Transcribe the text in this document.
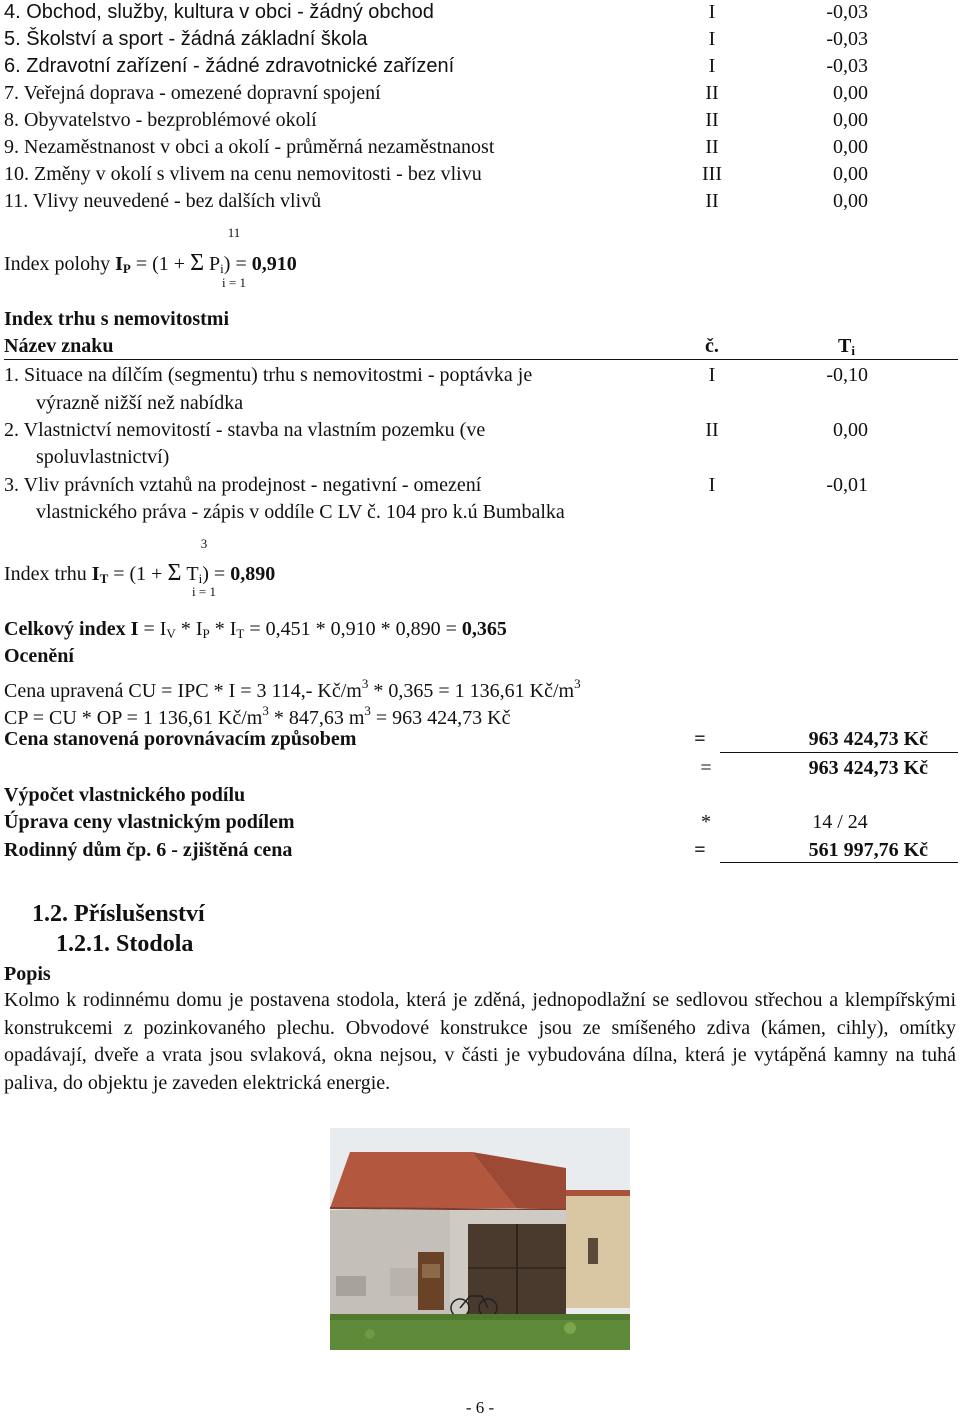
4. Obchod, služby, kultura v obci - žádný obchod	I	-0,03
5. Školství a sport - žádná základní škola	I	-0,03
6. Zdravotní zařízení - žádné zdravotnické zařízení	I	-0,03
7. Veřejná doprava - omezené dopravní spojení	II	0,00
8. Obyvatelstvo - bezproblémové okolí	II	0,00
9. Nezaměstnanost v obci a okolí - průměrná nezaměstnanost	II	0,00
10. Změny v okolí s vlivem na cenu nemovitosti - bez vlivu	III	0,00
11. Vlivy neuvedené - bez dalších vlivů	II	0,00
11
Index polohy $I_P = (1 + \Sigma$ $P_i) = 0,910$
i = 1
Index trhu s nemovitostmi
Název znaku	č.	$T_i$
1. Situace na dílčím (segmentu) trhu s nemovitostmi - poptávka je	I	-0,10
výrazně nižší než nabídka
2. Vlastnictví nemovitostí - stavba na vlastním pozemku (ve	II	0,00
spoluvlastnictví)
3. Vliv právních vztahů na prodejnost - negativní - omezení	I	-0,01
vlastnického práva - zápis v oddíle C LV č. 104 pro k.ú Bumbalka
3
Index trhu $I_T = (1 + \Sigma$ $T_i) = 0,890$
i = 1
Celkový index $I = I_V * I_P * I_T = 0,451 * 0,910 * 0,890 = 0,365$
Ocenění
Cena upravená CU = IPC * I = 3 114,- $Kč/m^3 * 0,365 = 1$ 136,61 $Kč/m^3$
CP = CU * OP = 1 136,61 $Kč/m^3 * 847,63$ $m^3 = 963$ 424,73 Kč
Cena stanovená porovnávacím způsobem	=	963 424,73 Kč
=	963 424,73 Kč
Výpočet vlastnického podílu
Úprava ceny vlastnickým podílem	*	14 / 24
Rodinný dům čp. 6 - zjištěná cena	=	561 997,76 Kč
1.2. Příslušenství
1.2.1. Stodola
Popis
Kolmo k rodinnému domu je postavena stodola, která je zděná, jednopodlažní se sedlovou střechou a klempířskými konstrukcemi z pozinkovaného plechu. Obvodové konstrukce jsou ze smíšeného zdiva (kámen, cihly), omítky opadávají, dveře a vrata jsou svlaková, okna nejsou, v části je vybudována dílna, která je vytápěná kamny na tuhá paliva, do objektu je zaveden elektrická energie.
- 6 -
